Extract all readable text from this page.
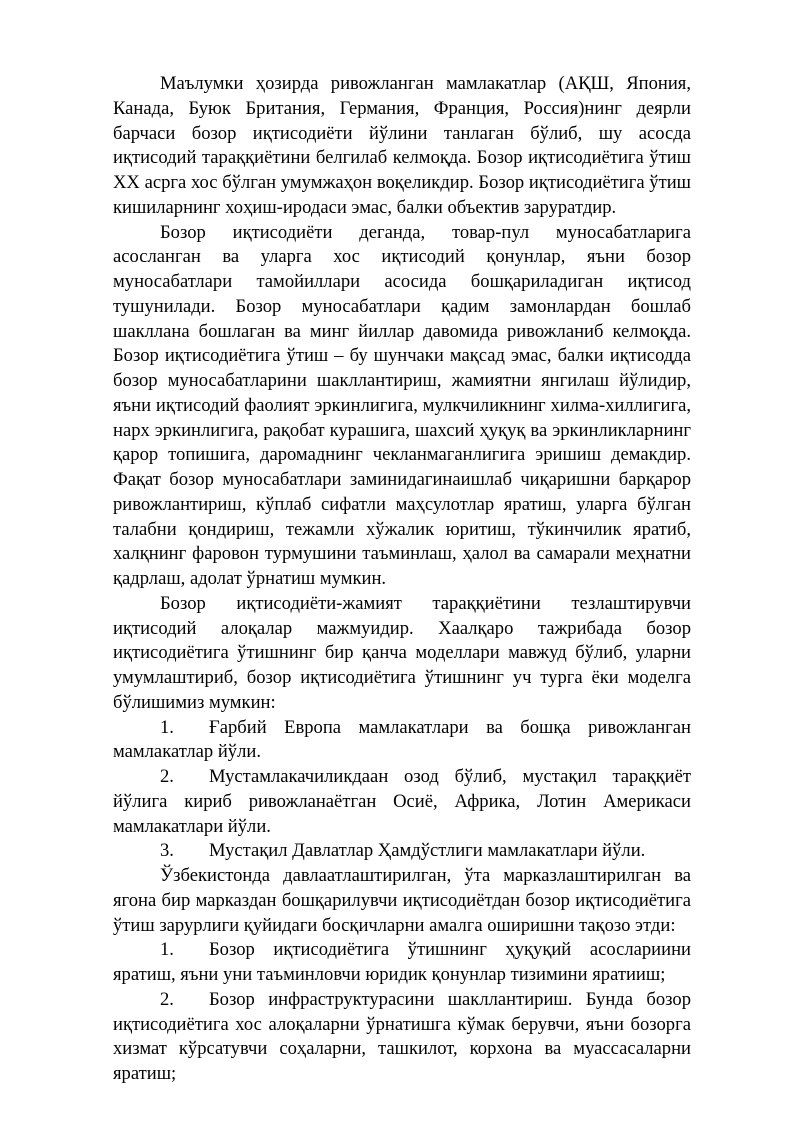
Маълумки ҳозирда ривожланган мамлакатлар (АҚШ, Япония, Канада, Буюк Британия, Германия, Франция, Россия)нинг деярли барчаси бозор иқтисодиёти йўлини танлаган бўлиб, шу асосда иқтисодий тараққиётини белгилаб келмоқда. Бозор иқтисодиётига ўтиш XX асрга хос бўлган умумжаҳон воқеликдир. Бозор иқтисодиётига ўтиш кишиларнинг хоҳиш-иродаси эмас, балки объектив заруратдир.

Бозор иқтисодиёти деганда, товар-пул муносабатларига асосланган ва уларга хос иқтисодий қонунлар, яъни бозор муносабатлари тамойиллари асосида бошқариладиган иқтисод тушунилади. Бозор муносабатлари қадим замонлардан бошлаб шакллана бошлаган ва минг йиллар давомида ривожланиб келмоқда. Бозор иқтисодиётига ўтиш – бу шунчаки мақсад эмас, балки иқтисодда бозор муносабатларини шакллантириш, жамиятни янгилаш йўлидир, яъни иқтисодий фаолият эркинлигига, мулкчиликнинг хилма-хиллигига, нарх эркинлигига, рақобат курашига, шахсий ҳуқуқ ва эркинликларнинг қарор топишига, даромаднинг чекланмаганлигига эришиш демакдир. Фақат бозор муносабатлари заминидагинаишлаб чиқаришни барқарор ривожлантириш, кўплаб сифатли маҳсулотлар яратиш, уларга бўлган талабни қондириш, тежамли хўжалик юритиш, тўкинчилик яратиб, халқнинг фаровон турмушини таъминлаш, ҳалол ва самарали меҳнатни қадрлаш, адолат ўрнатиш мумкин.

Бозор иқтисодиёти-жамият тараққиётини тезлаштирувчи иқтисодий алоқалар мажмуидир. Хаалқаро тажрибада бозор иқтисодиётига ўтишнинг бир қанча моделлари мавжуд бўлиб, уларни умумлаштириб, бозор иқтисодиётига ўтишнинг уч турга ёки моделга бўлишимиз мумкин:

1. Ғарбий Европа мамлакатлари ва бошқа ривожланган мамлакатлар йўли.

2. Мустамлакачиликдаан озод бўлиб, мустақил тараққиёт йўлига кириб ривожланаётган Осиё, Африка, Лотин Америкаси мамлакатлари йўли.

3. Мустақил Давлатлар Ҳамдўстлиги мамлакатлари йўли.

Ўзбекистонда давлаатлаштирилган, ўта марказлаштирилган ва ягона бир марказдан бошқарилувчи иқтисодиётдан бозор иқтисодиётига ўтиш зарурлиги қуйидаги босқичларни амалга оширишни тақозо этди:

1. Бозор иқтисодиётига ўтишнинг ҳуқуқий асослариини яратиш, яъни уни таъминловчи юридик қонунлар тизимини яратииш;

2. Бозор инфраструктурасини шакллантириш. Бунда бозор иқтисодиётига хос алоқаларни ўрнатишга кўмак берувчи, яъни бозорга хизмат кўрсатувчи соҳаларни, ташкилот, корхона ва муассасаларни яратиш;
